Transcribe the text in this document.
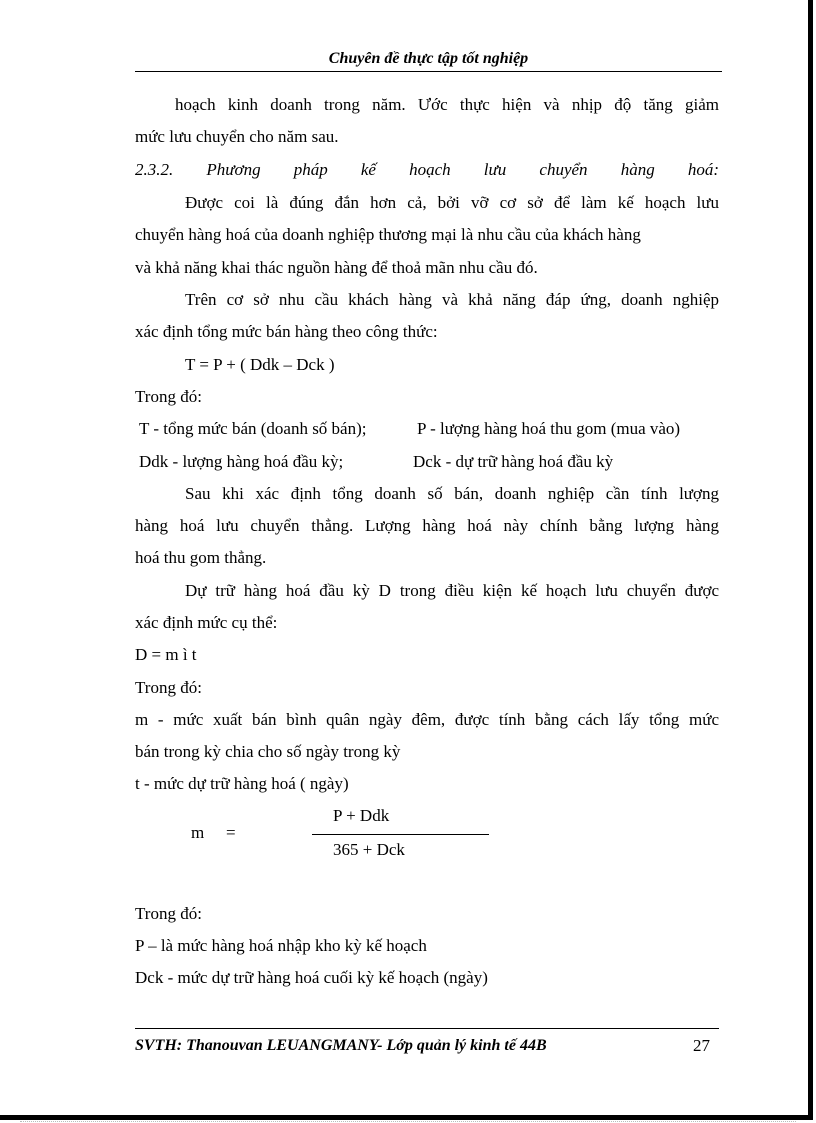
Chuyên đề thực tập tốt nghiệp
hoạch kinh doanh trong năm. Ước thực hiện và nhịp độ tăng giảm
mức lưu chuyển cho năm sau.
2.3.2. Phương pháp kế hoạch lưu chuyển hàng hoá:
Được coi là đúng đắn hơn cả, bởi vỡ cơ sở để làm kế hoạch lưu
chuyển hàng hoá của doanh nghiệp thương mại là nhu cầu của khách hàng
và khả năng khai thác nguồn hàng để thoả mãn nhu cầu đó.
Trên cơ sở nhu cầu khách hàng và khả năng đáp ứng, doanh nghiệp
xác định tổng mức bán hàng theo công thức:
T = P + ( Ddk – Dck )
Trong đó:
T - tổng mức bán (doanh số bán);	P - lượng hàng hoá thu gom (mua vào)
Ddk - lượng hàng hoá đầu kỳ;	Dck - dự trữ hàng hoá đầu kỳ
Sau khi xác định tổng doanh số bán, doanh nghiệp cần tính lượng
hàng hoá lưu chuyển thẳng. Lượng hàng hoá này chính bằng lượng hàng
hoá thu gom thẳng.
Dự trữ hàng hoá đầu kỳ D trong điều kiện kế hoạch lưu chuyển được
xác định mức cụ thể:
D = m ì t
Trong đó:
m - mức xuất bán bình quân ngày đêm, được tính bằng cách lấy tổng mức
bán trong kỳ chia cho số ngày trong kỳ
t - mức dự trữ hàng hoá ( ngày)
m =
P + Ddk
365 + Dck
Trong đó:
P – là mức hàng hoá nhập kho kỳ kế hoạch
Dck - mức dự trữ hàng hoá cuối kỳ kế hoạch (ngày)
SVTH: Thanouvan LEUANGMANY- Lớp quản lý kinh tế 44B	27
